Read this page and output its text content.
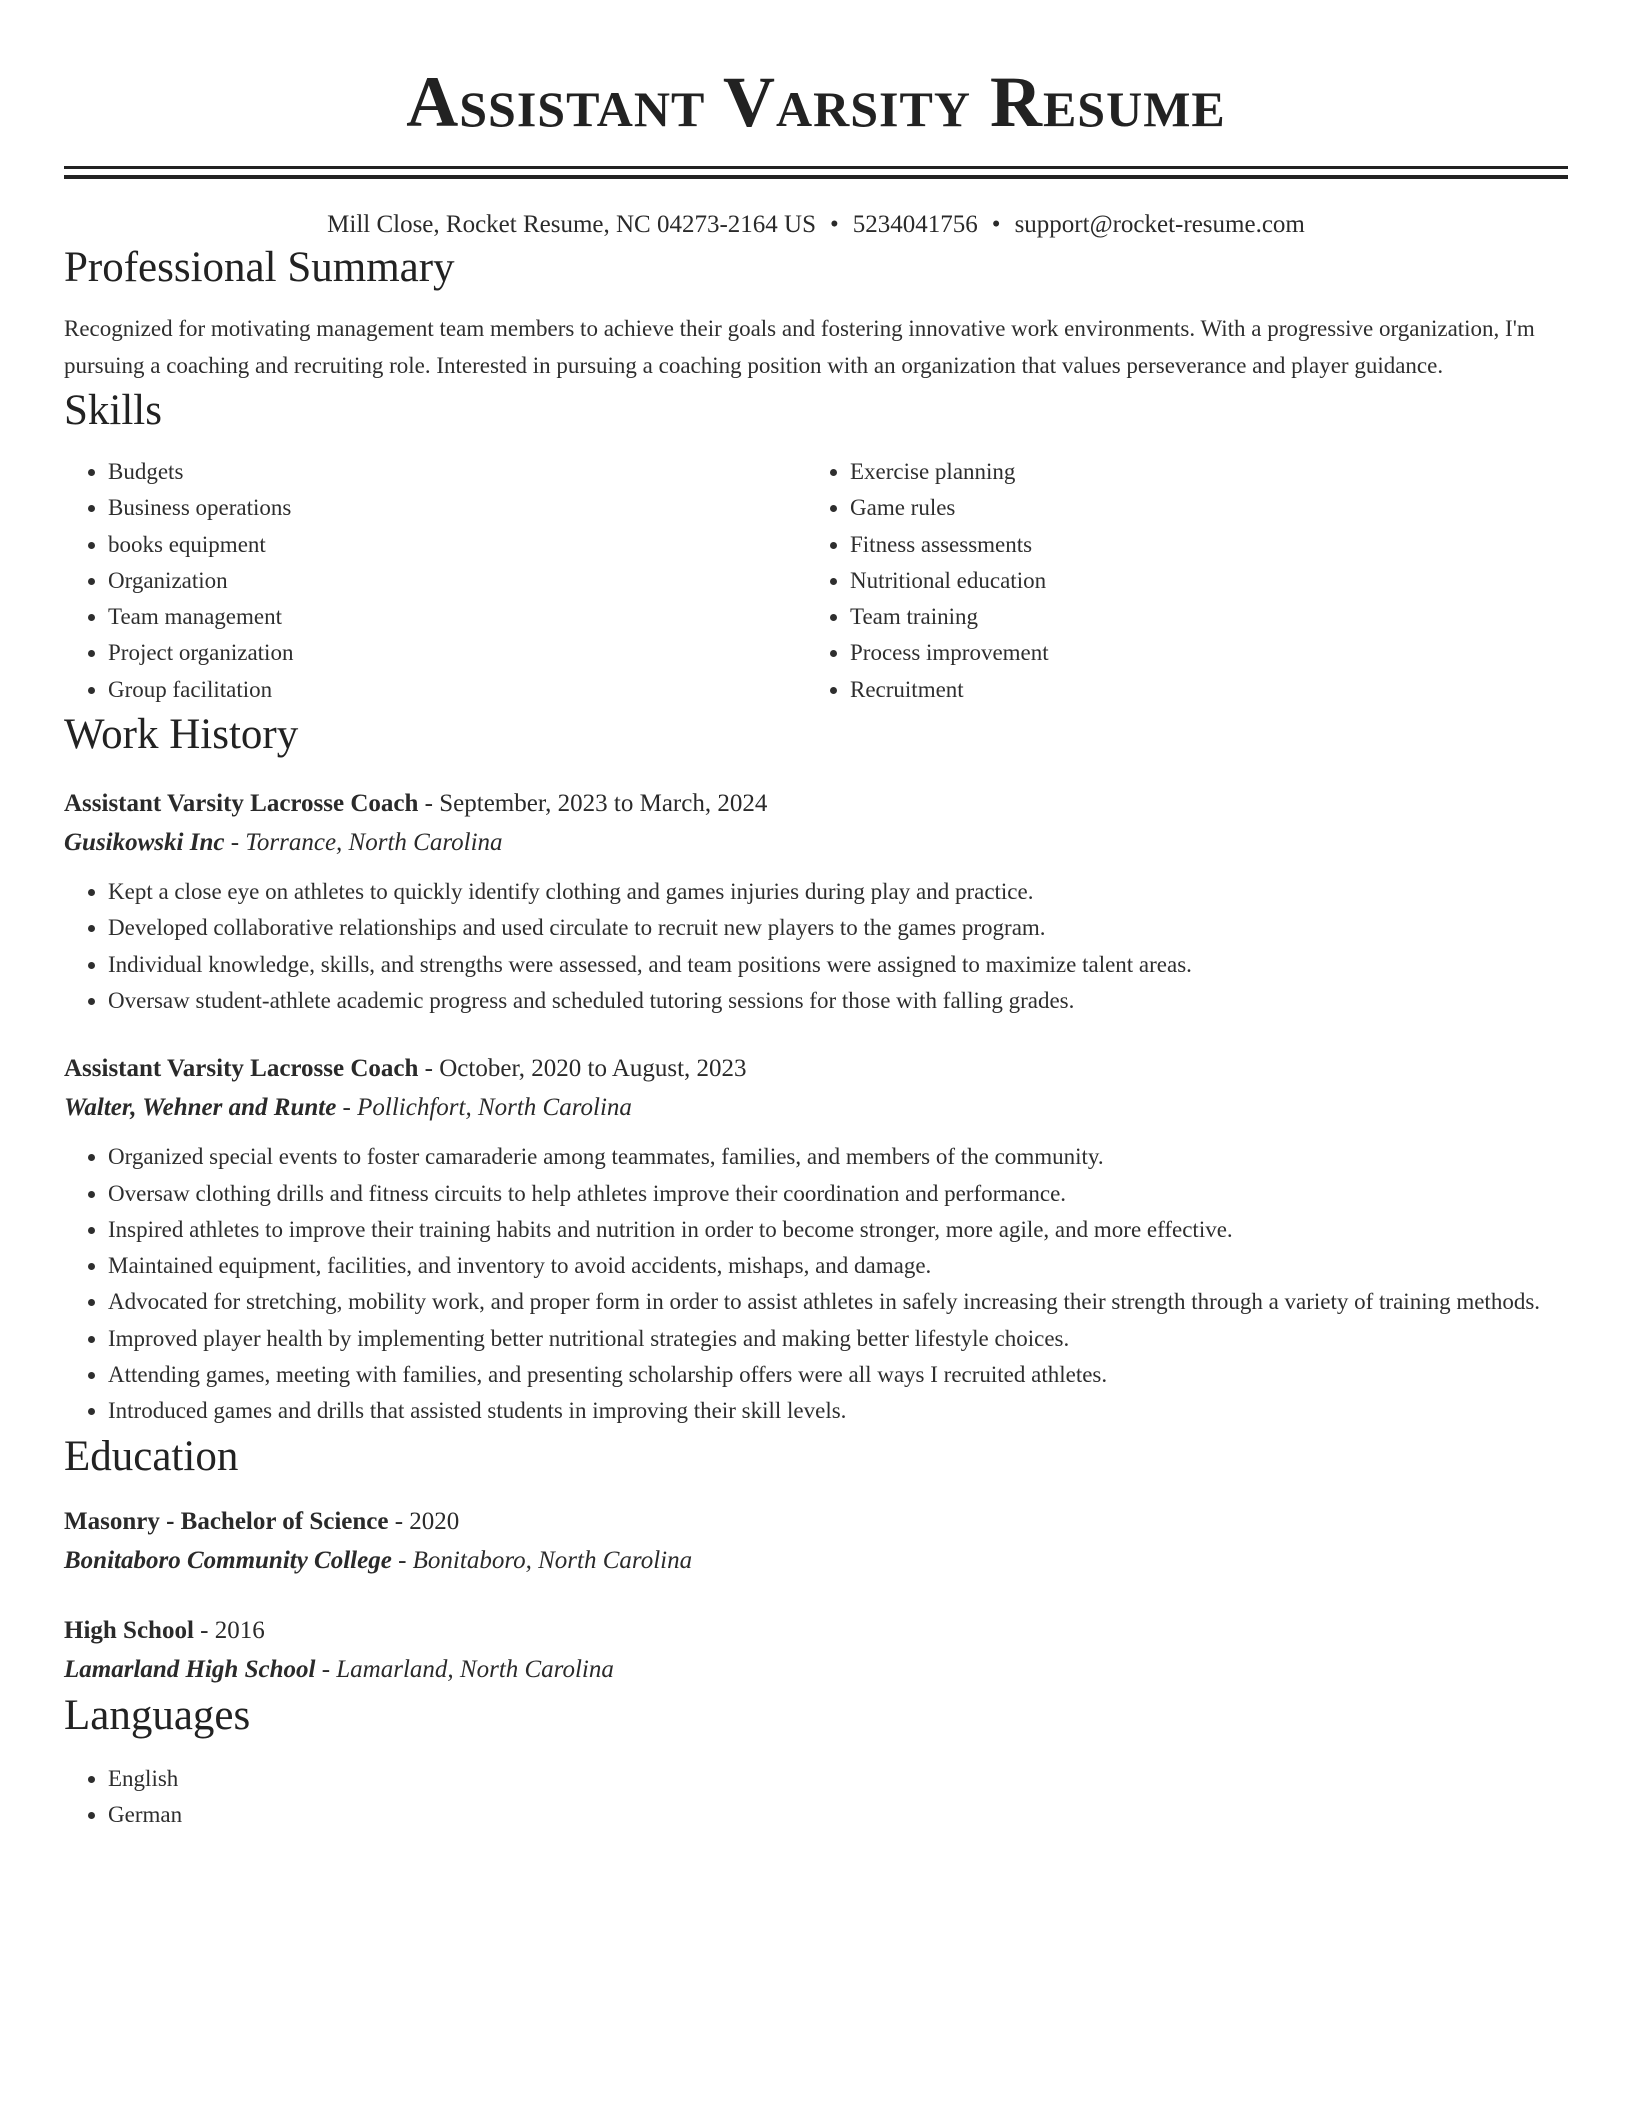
Assistant Varsity Resume
Mill Close, Rocket Resume, NC 04273-2164 US • 5234041756 • support@rocket-resume.com
Professional Summary

Recognized for motivating management team members to achieve their goals and fostering innovative work environments. With a progressive organization, I'm pursuing a coaching and recruiting role. Interested in pursuing a coaching position with an organization that values perseverance and player guidance.

Skills
• Budgets
• Business operations
• books equipment
• Organization
• Team management
• Project organization
• Group facilitation
• Exercise planning
• Game rules
• Fitness assessments
• Nutritional education
• Team training
• Process improvement
• Recruitment
Work History
Assistant Varsity Lacrosse Coach - September, 2023 to March, 2024
Gusikowski Inc - Torrance, North Carolina
• Kept a close eye on athletes to quickly identify clothing and games injuries during play and practice.
• Developed collaborative relationships and used circulate to recruit new players to the games program.
• Individual knowledge, skills, and strengths were assessed, and team positions were assigned to maximize talent areas.
• Oversaw student-athlete academic progress and scheduled tutoring sessions for those with falling grades.
Assistant Varsity Lacrosse Coach - October, 2020 to August, 2023
Walter, Wehner and Runte - Pollichfort, North Carolina
• Organized special events to foster camaraderie among teammates, families, and members of the community.
• Oversaw clothing drills and fitness circuits to help athletes improve their coordination and performance.
• Inspired athletes to improve their training habits and nutrition in order to become stronger, more agile, and more effective.
• Maintained equipment, facilities, and inventory to avoid accidents, mishaps, and damage.
• Advocated for stretching, mobility work, and proper form in order to assist athletes in safely increasing their strength through a variety of training methods.
• Improved player health by implementing better nutritional strategies and making better lifestyle choices.
• Attending games, meeting with families, and presenting scholarship offers were all ways I recruited athletes.
• Introduced games and drills that assisted students in improving their skill levels.
Education
Masonry - Bachelor of Science - 2020
Bonitaboro Community College - Bonitaboro, North Carolina
High School - 2016
Lamarland High School - Lamarland, North Carolina
Languages
• English
• German
